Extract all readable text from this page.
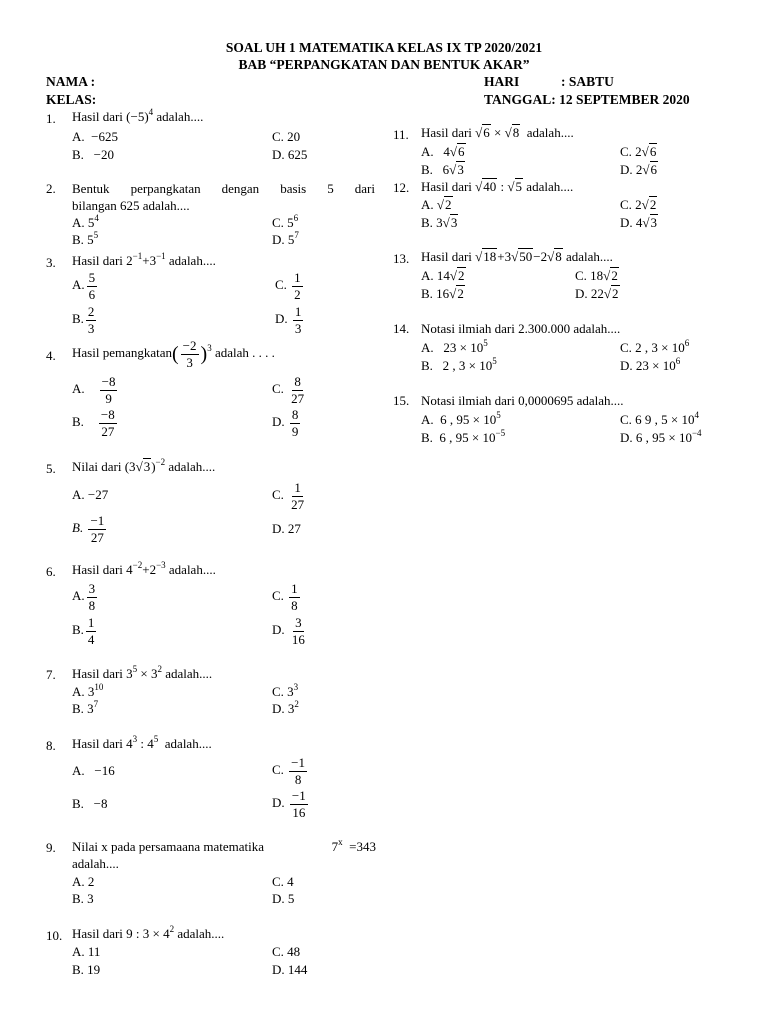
SOAL UH 1 MATEMATIKA KELAS IX TP 2020/2021
BAB “PERPANGKATAN DAN BENTUK AKAR”
NAMA :
KELAS:
HARI	: SABTU
TANGGAL: 12 SEPTEMBER 2020
1. Hasil dari $(-5)^4$ adalah....
A. −625
B. −20
C. 20
D. 625
2. Bentuk perpangkatan dengan basis 5 dari
bilangan 625 adalah....
A. $5^4$
B. $5^5$
C. $5^6$
D. $5^7$
3. Hasil dari $2^{-1}+3^{-1}$ adalah....
A. $\frac{5}{6}$
B. $\frac{2}{3}$
C. $\frac{1}{2}$
D. $\frac{1}{3}$
4. Hasil pemangkatan( $\frac{-2}{3} )^3$ adalah . . . .
A. $\frac{-8}{9}$
B. $\frac{-8}{27}$
C. $\frac{8}{27}$
D. $\frac{8}{9}$
5. Nilai dari $(3√3)^{-2}$ adalah....
A. −27
B. $\frac{-1}{27}$
C. $\frac{1}{27}$
D. 27
6. Hasil dari $4^{-2}+2^{-3}$ adalah....
A. $\frac{3}{8}$
B. $\frac{1}{4}$
C. $\frac{1}{8}$
D. $\frac{3}{16}$
7. Hasil dari $3^5 \times 3^2$ adalah....
A. $3^{10}$
B. $3^7$
C. $3^3$
D. $3^2$
8. Hasil dari $4^3$ : $4^5$ adalah....
A. −16
B. −8
C. $\frac{-1}{8}$
D. $\frac{-1}{16}$
9. Nilai x pada persamaana matematika	$7^x =343$
adalah....
A. 2
B. 3
C. 4
D. 5
10. Hasil dari 9 : $3 \times 4^2$ adalah....
A. 11
B. 19
C. 48
D. 144
11. Hasil dari √6 × √8 adalah....
A.   4√6
B.   6√3
C. 2√6
D. 2√6
12. Hasil dari √40 : √5 adalah....
A. √2
B. 3√3
C. 2√2
D. 4√3
13. Hasil dari √18+3√50−2√8 adalah....
A. 14√2
B. 16√2
C. 18√2
D. 22√2
14. Notasi ilmiah dari 2.300.000 adalah....
A.   $23 \times 10^5$
B.   2 , $3 \times 10^5$
C. 2 , $3 \times 10^6$
D. $23 \times 10^6$
15. Notasi ilmiah dari 0,0000695 adalah....
A.  6 , $95 \times 10^5$
B.  6 , $95 \times 10^{-5}$
C. 6 9 , $5 \times 10^4$
D. 6 , $95 \times 10^{-4}$
